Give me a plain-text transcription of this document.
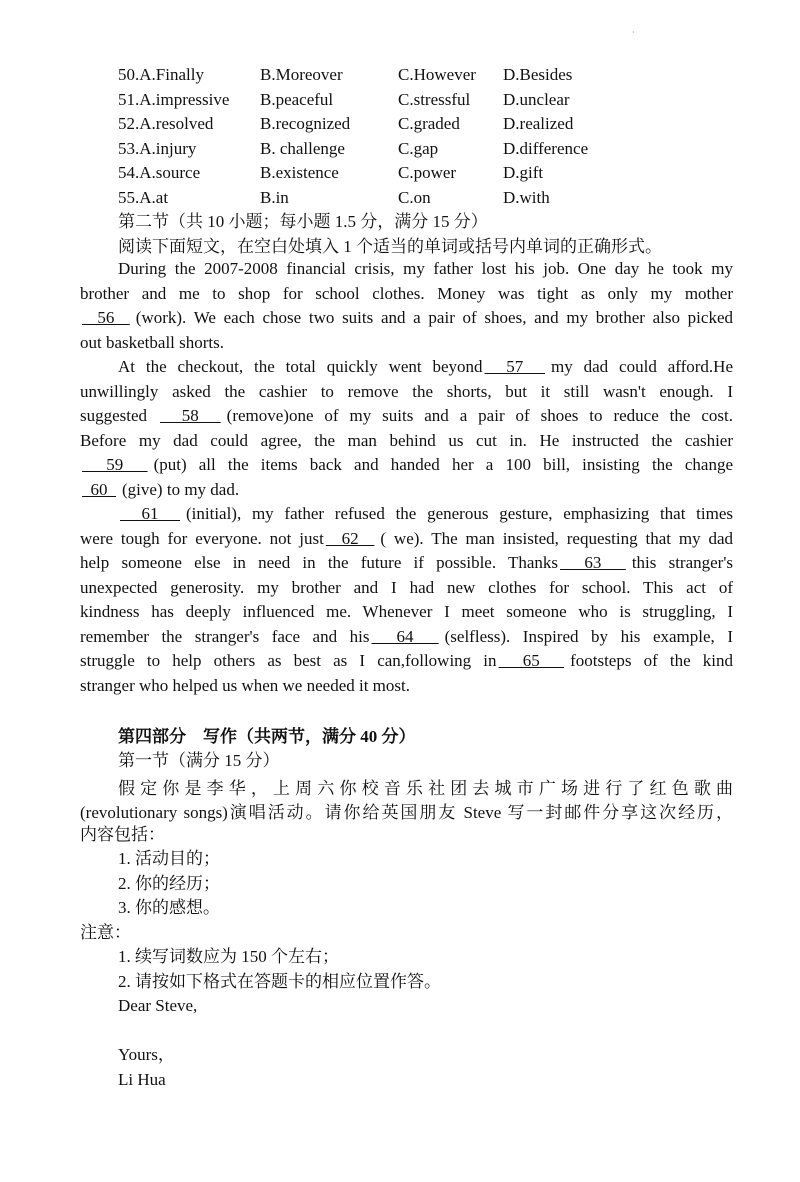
·
50.A.Finally	B.Moreover	C.However D.Besides
51.A.impressive B.peaceful	C.stressful D.unclear
52.A.resolved	B.recognized	C.graded	D.realized
53.A.injury	B. challenge	C.gap	D.difference
54.A.source	B.existence	C.power	D.gift
55.A.at	B.in	C.on	D.with
第二节（共 10 小题；每小题 1.5 分，满分 15 分）
阅读下面短文，在空白处填入 1 个适当的单词或括号内单词的正确形式。
During the 2007-2008 financial crisis, my father lost his job. One day he took my
brother and me to shop for school clothes. Money was tight as only my mother
56  (work). We each chose two suits and a pair of shoes, and my brother also picked
out basketball shorts.
At the checkout, the total quickly went beyond  57  my dad could afford.He
unwillingly asked the cashier to remove the shorts, but it still wasn't enough. I
suggested   58  (remove)one of my suits and a pair of shoes to reduce the cost.
Before my dad could agree, the man behind us cut in. He instructed the cashier
59  (put) all the items back and handed her a 100 bill, insisting the change
60  (give) to my dad.
61  (initial), my father refused the generous gesture, emphasizing that times
were tough for everyone. not just  62  ( we). The man insisted, requesting that my dad
help someone else in need in the future if possible. Thanks  63  this stranger's
unexpected generosity. my brother and I had new clothes for school. This act of
kindness has deeply influenced me. Whenever I meet someone who is struggling, I
remember the stranger's face and his  64  (selfless). Inspired by his example, I
struggle to help others as best as I can,following in  65  footsteps of the kind
stranger who helped us when we needed it most.
第四部分　写作（共两节，满分 40 分）
第一节（满分 15 分）
假定你是李华，上周六你校音乐社团去城市广场进行了红色歌曲
(revolutionary songs)演唱活动。请你给英国朋友 Steve 写一封邮件分享这次经历，
内容包括：
1. 活动目的；
2. 你的经历；
3. 你的感想。
注意：
1. 续写词数应为 150 个左右；
2. 请按如下格式在答题卡的相应位置作答。
Dear Steve,
Yours，
Li Hua
